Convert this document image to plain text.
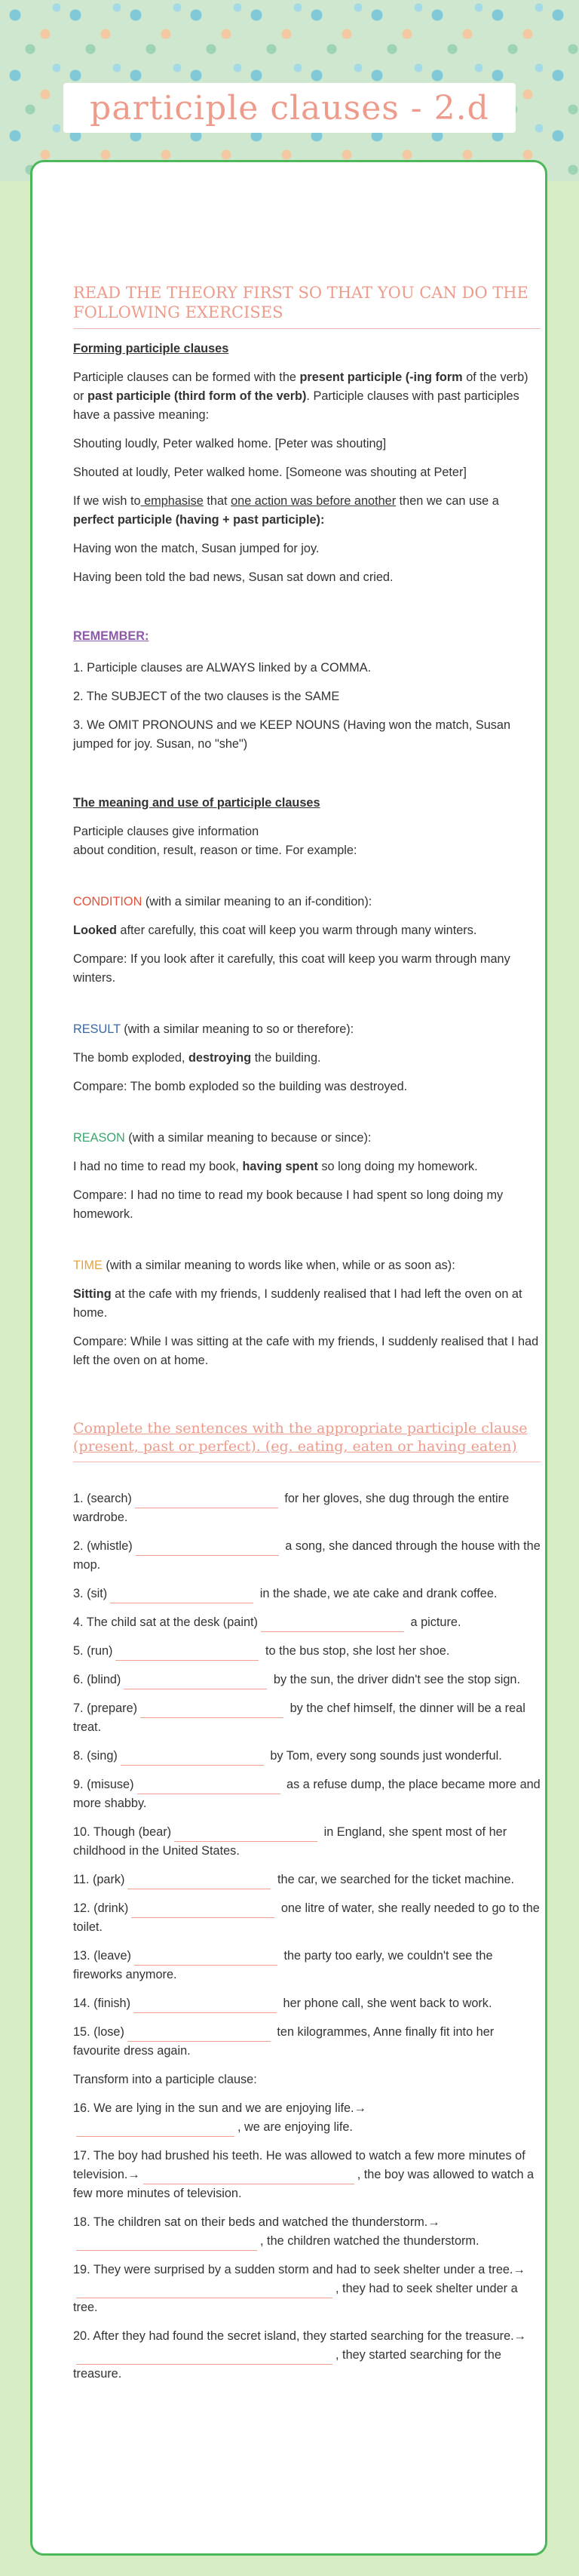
participle clauses - 2.d
READ THE THEORY FIRST SO THAT YOU CAN DO THE FOLLOWING EXERCISES

Forming participle clauses

Participle clauses can be formed with the present participle (-ing form of the verb) or past participle (third form of the verb). Participle clauses with past participles have a passive meaning:

Shouting loudly, Peter walked home. [Peter was shouting]

Shouted at loudly, Peter walked home. [Someone was shouting at Peter]

If we wish to emphasise that one action was before another then we can use a perfect participle (having + past participle):

Having won the match, Susan jumped for joy.

Having been told the bad news, Susan sat down and cried.

REMEMBER:

1. Participle clauses are ALWAYS linked by a COMMA.

2. The SUBJECT of the two clauses is the SAME

3. We OMIT PRONOUNS and we KEEP NOUNS (Having won the match, Susan jumped for joy. Susan, no "she")

The meaning and use of participle clauses

Participle clauses give information
about condition, result, reason or time. For example:

CONDITION (with a similar meaning to an if-condition):

Looked after carefully, this coat will keep you warm through many winters.

Compare: If you look after it carefully, this coat will keep you warm through many winters.

RESULT (with a similar meaning to so or therefore):

The bomb exploded, destroying the building.

Compare: The bomb exploded so the building was destroyed.

REASON (with a similar meaning to because or since):

I had no time to read my book, having spent so long doing my homework.

Compare: I had no time to read my book because I had spent so long doing my homework.

TIME (with a similar meaning to words like when, while or as soon as):

Sitting at the cafe with my friends, I suddenly realised that I had left the oven on at home.

Compare: While I was sitting at the cafe with my friends, I suddenly realised that I had left the oven on at home.

Complete the sentences with the appropriate participle clause (present, past or perfect). (eg. eating, eaten or having eaten)

1. (search)	for her gloves, she dug through the entire wardrobe.

2. (whistle)	a song, she danced through the house with the mop.

3. (sit)	in the shade, we ate cake and drank coffee.

4. The child sat at the desk (paint)	a picture.

5. (run)	to the bus stop, she lost her shoe.

6. (blind)	by the sun, the driver didn't see the stop sign.

7. (prepare)	by the chef himself, the dinner will be a real treat.

8. (sing)	by Tom, every song sounds just wonderful.

9. (misuse)	as a refuse dump, the place became more and more shabby.

10. Though (bear)	in England, she spent most of her childhood in the United States.

11. (park)	the car, we searched for the ticket machine.

12. (drink)	one litre of water, she really needed to go to the toilet.

13. (leave)	the party too early, we couldn't see the fireworks anymore.

14. (finish)	her phone call, she went back to work.

15. (lose)	ten kilogrammes, Anne finally fit into her favourite dress again.

Transform into a participle clause:

16. We are lying in the sun and we are enjoying life.→
, we are enjoying life.

17. The boy had brushed his teeth. He was allowed to watch a few more minutes of television.→	, the boy was allowed to watch a few more minutes of television.

18. The children sat on their beds and watched the thunderstorm.→
, the children watched the thunderstorm.

19. They were surprised by a sudden storm and had to seek shelter under a tree.→, they had to seek shelter under a tree.

20. After they had found the secret island, they started searching for the treasure.→, they started searching for the treasure.
